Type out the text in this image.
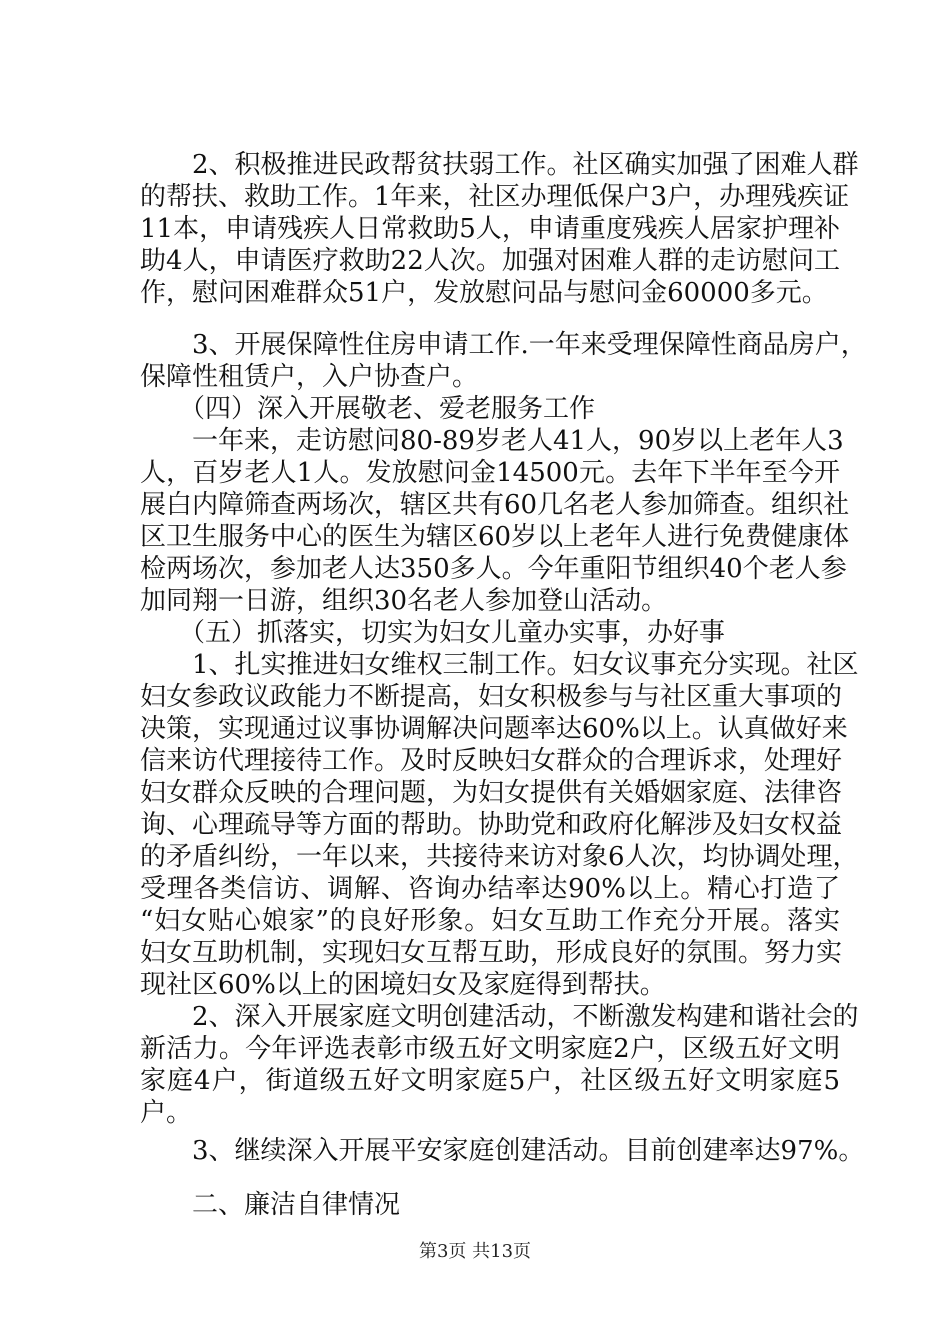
　　2、积极推进民政帮贫扶弱工作。社区确实加强了困难人群
的帮扶、救助工作。1年来，社区办理低保户3户，办理残疾证
11本，申请残疾人日常救助5人，申请重度残疾人居家护理补
助4人，申请医疗救助22人次。加强对困难人群的走访慰问工
作，慰问困难群众51户，发放慰问品与慰问金60000多元。
　　3、开展保障性住房申请工作.一年来受理保障性商品房户，
保障性租赁户，入户协查户。
　　（四）深入开展敬老、爱老服务工作
　　一年来，走访慰问80-89岁老人41人，90岁以上老年人3
人，百岁老人1人。发放慰问金14500元。去年下半年至今开
展白内障筛查两场次，辖区共有60几名老人参加筛查。组织社
区卫生服务中心的医生为辖区60岁以上老年人进行免费健康体
检两场次，参加老人达350多人。今年重阳节组织40个老人参
加同翔一日游，组织30名老人参加登山活动。
　　（五）抓落实，切实为妇女儿童办实事，办好事
　　1、扎实推进妇女维权三制工作。妇女议事充分实现。社区
妇女参政议政能力不断提高，妇女积极参与与社区重大事项的
决策，实现通过议事协调解决问题率达60%以上。认真做好来
信来访代理接待工作。及时反映妇女群众的合理诉求，处理好
妇女群众反映的合理问题，为妇女提供有关婚姻家庭、法律咨
询、心理疏导等方面的帮助。协助党和政府化解涉及妇女权益
的矛盾纠纷，一年以来，共接待来访对象6人次，均协调处理，
受理各类信访、调解、咨询办结率达90%以上。精心打造了
“妇女贴心娘家”的良好形象。妇女互助工作充分开展。落实
妇女互助机制，实现妇女互帮互助，形成良好的氛围。努力实
现社区60%以上的困境妇女及家庭得到帮扶。
　　2、深入开展家庭文明创建活动，不断激发构建和谐社会的
新活力。今年评选表彰市级五好文明家庭2户，区级五好文明
家庭4户，街道级五好文明家庭5户，社区级五好文明家庭5
户。
　　3、继续深入开展平安家庭创建活动。目前创建率达97%。
　　二、廉洁自律情况
第3页 共13页
